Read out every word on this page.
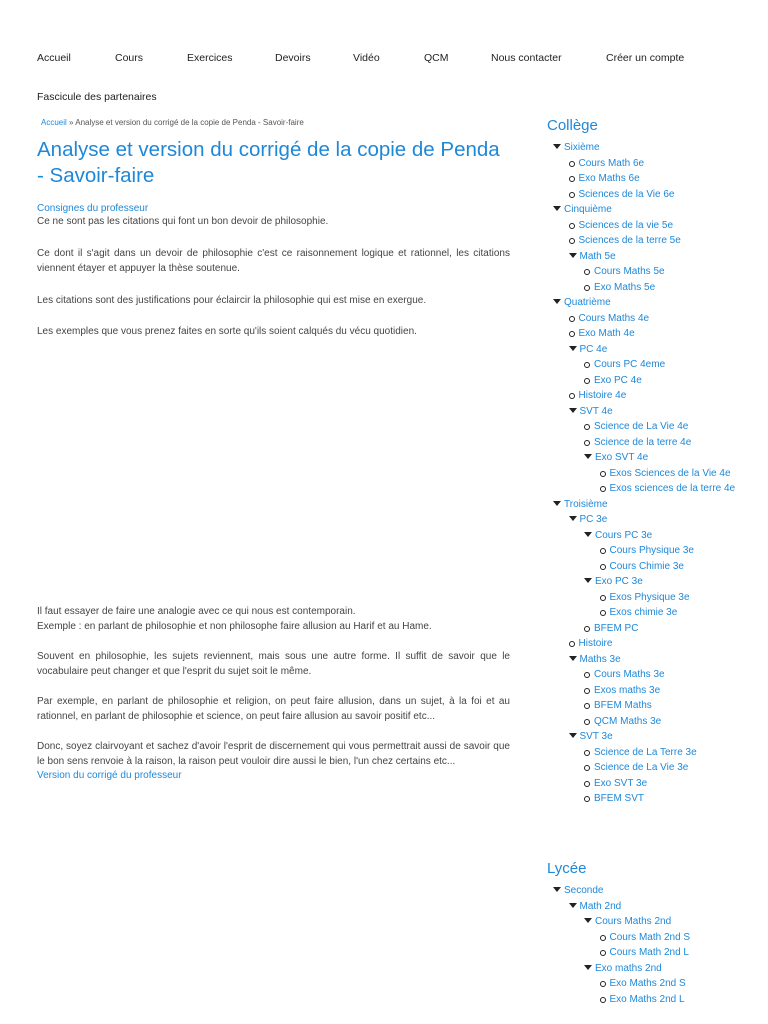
Accueil	Cours	Exercices	Devoirs	Vidéo	QCM	Nous contacter	Créer un compte
Fascicule des partenaires
Accueil » Analyse et version du corrigé de la copie de Penda - Savoir-faire
Analyse et version du corrigé de la copie de Penda - Savoir-faire
Consignes du professeur

Ce ne sont pas les citations qui font un bon devoir de philosophie.

Ce dont il s'agit dans un devoir de philosophie c'est ce raisonnement logique et rationnel, les citations viennent étayer et appuyer la thèse soutenue.

Les citations sont des justifications pour éclaircir la philosophie qui est mise en exergue.

Les exemples que vous prenez faites en sorte qu'ils soient calqués du vécu quotidien.

Il faut essayer de faire une analogie avec ce qui nous est contemporain.

Exemple : en parlant de philosophie et non philosophe faire allusion au Harif et au Hame.

Souvent en philosophie, les sujets reviennent, mais sous une autre forme. Il suffit de savoir que le vocabulaire peut changer et que l'esprit du sujet soit le même.

Par exemple, en parlant de philosophie et religion, on peut faire allusion, dans un sujet, à la foi et au rationnel, en parlant de philosophie et science, on peut faire allusion au savoir positif etc...

Donc, soyez clairvoyant et sachez d'avoir l'esprit de discernement qui vous permettrait aussi de savoir que le bon sens renvoie à la raison, la raison peut vouloir dire aussi le bien, l'un chez certains etc...

Version du corrigé du professeur
Collège
Sixième
Cours Math 6e
Exo Maths 6e
Sciences de la Vie 6e
Cinquième
Sciences de la vie 5e
Sciences de la terre 5e
Math 5e
Cours Maths 5e
Exo Maths 5e
Quatrième
Cours Maths 4e
Exo Math 4e
PC 4e
Cours PC 4eme
Exo PC 4e
Histoire 4e
SVT 4e
Science de La Vie 4e
Science de la terre 4e
Exo SVT 4e
Exos Sciences de la Vie 4e
Exos sciences de la terre 4e
Troisième
PC 3e
Cours PC 3e
Cours Physique 3e
Cours Chimie 3e
Exo PC 3e
Exos Physique 3e
Exos chimie 3e
BFEM PC
Histoire
Maths 3e
Cours Maths 3e
Exos maths 3e
BFEM Maths
QCM Maths 3e
SVT 3e
Science de La Terre 3e
Science de La Vie 3e
Exo SVT 3e
BFEM SVT
Lycée
Seconde
Math 2nd
Cours Maths 2nd
Cours Math 2nd S
Cours Math 2nd L
Exo maths 2nd
Exo Maths 2nd S
Exo Maths 2nd L
